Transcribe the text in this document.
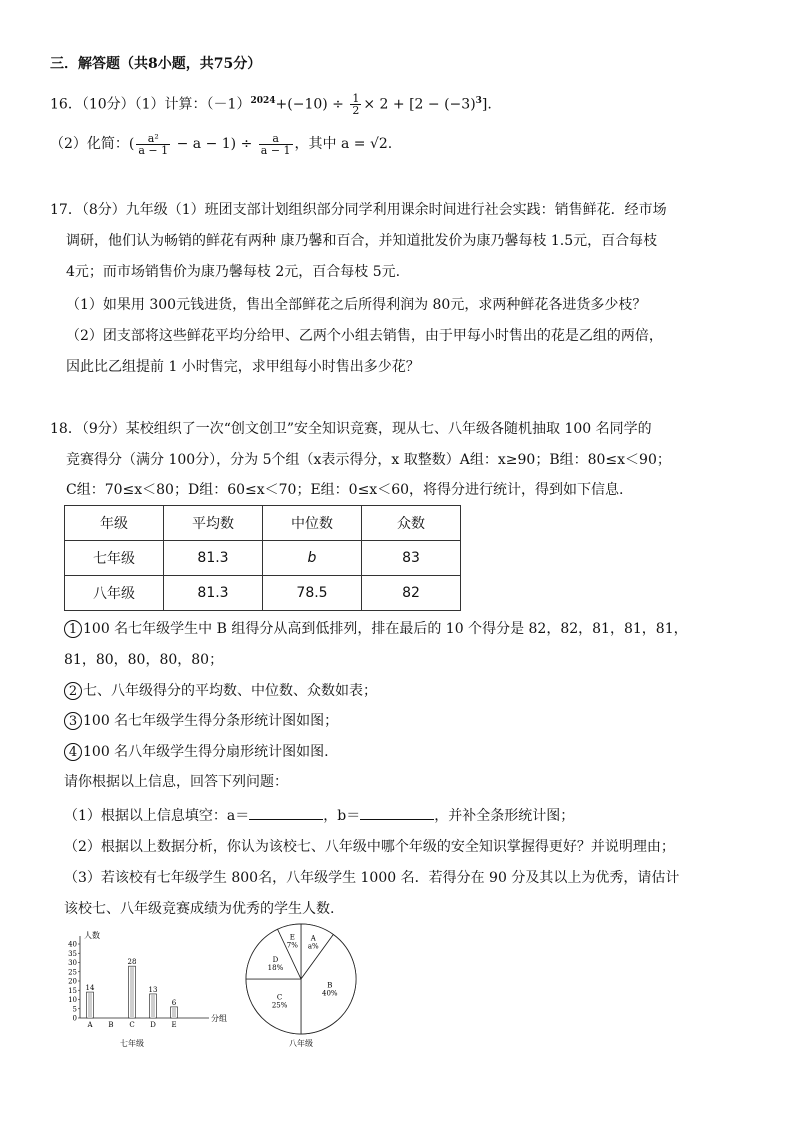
三．解答题（共8小题，共75分）
16．（10分）（1）计算：$(-1)^{2024}+(-10) \div \frac{1}{2} \times 2 + [2 - (-3)^3]$.
（2）化简：( $\frac{\text{a²}}{a - 1} - a - 1) \div \frac{a}{a - 1}$ ，其中 a = √2.
17．（8分）九年级（1）班团支部计划组织部分同学利用课余时间进行社会实践：销售鲜花．经市场
调研，他们认为畅销的鲜花有两种 康乃馨和百合，并知道批发价为康乃馨每枝 1.5元，百合每枝
4元；而市场销售价为康乃馨每枝 2元，百合每枝 5元.
（1）如果用 300元钱进货，售出全部鲜花之后所得利润为 80元，求两种鲜花各进货多少枝？
（2）团支部将这些鲜花平均分给甲、乙两个小组去销售，由于甲每小时售出的花是乙组的两倍，
因此比乙组提前 1 小时售完，求甲组每小时售出多少花？
18．（9分）某校组织了一次“创文创卫”安全知识竞赛，现从七、八年级各随机抽取 100 名同学的
竞赛得分（满分 100分），分为 5个组（x表示得分，x 取整数）A组：x≥90；B组：80≤x＜90；
C组：70≤x＜80；D组：60≤x＜70；E组：0≤x＜60，将得分进行统计，得到如下信息.
年级	平均数	中位数	众数
七年级	81.3	b	83
八年级	81.3	78.5	82
1 100 名七年级学生中 B 组得分从高到低排列，排在最后的 10 个得分是 82，82，81，81，81，
81，80，80，80，80；
2 七、八年级得分的平均数、中位数、众数如表；
3 100 名七年级学生得分条形统计图如图；
4 100 名八年级学生得分扇形统计图如图.
请你根据以上信息，回答下列问题：
（1）根据以上信息填空：a＝	，b＝	，并补全条形统计图；
（2）根据以上数据分析，你认为该校七、八年级中哪个年级的安全知识掌握得更好？并说明理由；
（3）若该校有七年级学生 800名，八年级学生 1000 名．若得分在 90 分及其以上为优秀，请估计
该校七、八年级竞赛成绩为优秀的学生人数.
人数
分组
0
5
10
15
20
25
30
35
40
A
14
B C
28
D
13
E
6
七年级
A
a%
B
40%
C
25%
D
18%
E
7%
八年级
